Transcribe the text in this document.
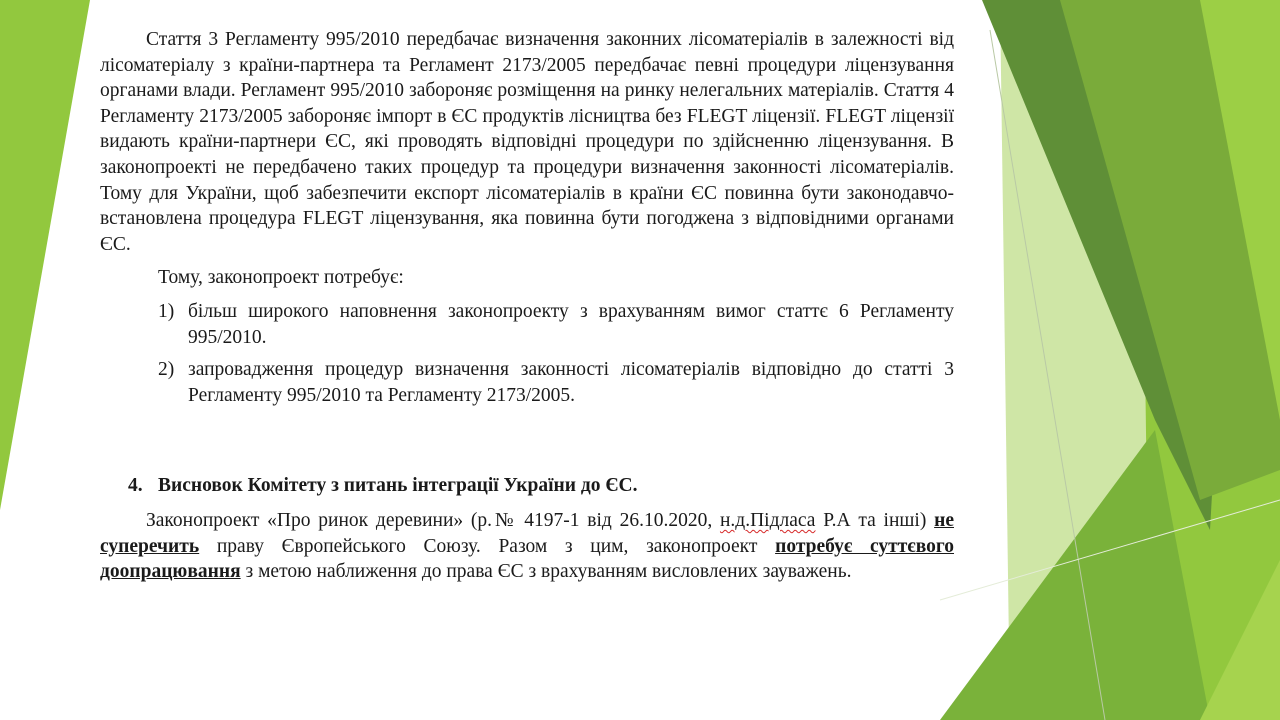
Стаття 3 Регламенту 995/2010 передбачає визначення законних лісоматеріалів в залежності від лісоматеріалу з країни-партнера та Регламент 2173/2005 передбачає певні процедури ліцензування органами влади. Регламент 995/2010 забороняє розміщення на ринку нелегальних матеріалів. Стаття 4 Регламенту 2173/2005 забороняє імпорт в ЄС продуктів лісництва без FLEGT ліцензії. FLEGT ліцензії видають країни-партнери ЄС, які проводять відповідні процедури по здійсненню ліцензування. В законопроекті не передбачено таких процедур та процедури визначення законності лісоматеріалів. Тому для України, щоб забезпечити експорт лісоматеріалів в країни ЄС повинна бути законодавчо-встановлена процедура FLEGT ліцензування, яка повинна бути погоджена з відповідними органами ЄС.

Тому, законопроект потребує:

1) більш широкого наповнення законопроекту з врахуванням вимог статтє 6 Регламенту 995/2010.
2) запровадження процедур визначення законності лісоматеріалів відповідно до статті 3 Регламенту 995/2010 та Регламенту 2173/2005.

4. Висновок Комітету з питань інтеграції України до ЄС.

Законопроект «Про ринок деревини» (р.№ 4197-1 від 26.10.2020, н.д.Підласа Р.А та інші) не суперечить праву Європейського Союзу. Разом з цим, законопроект потребує суттєвого доопрацювання з метою наближення до права ЄС з врахуванням висловлених зауважень.
